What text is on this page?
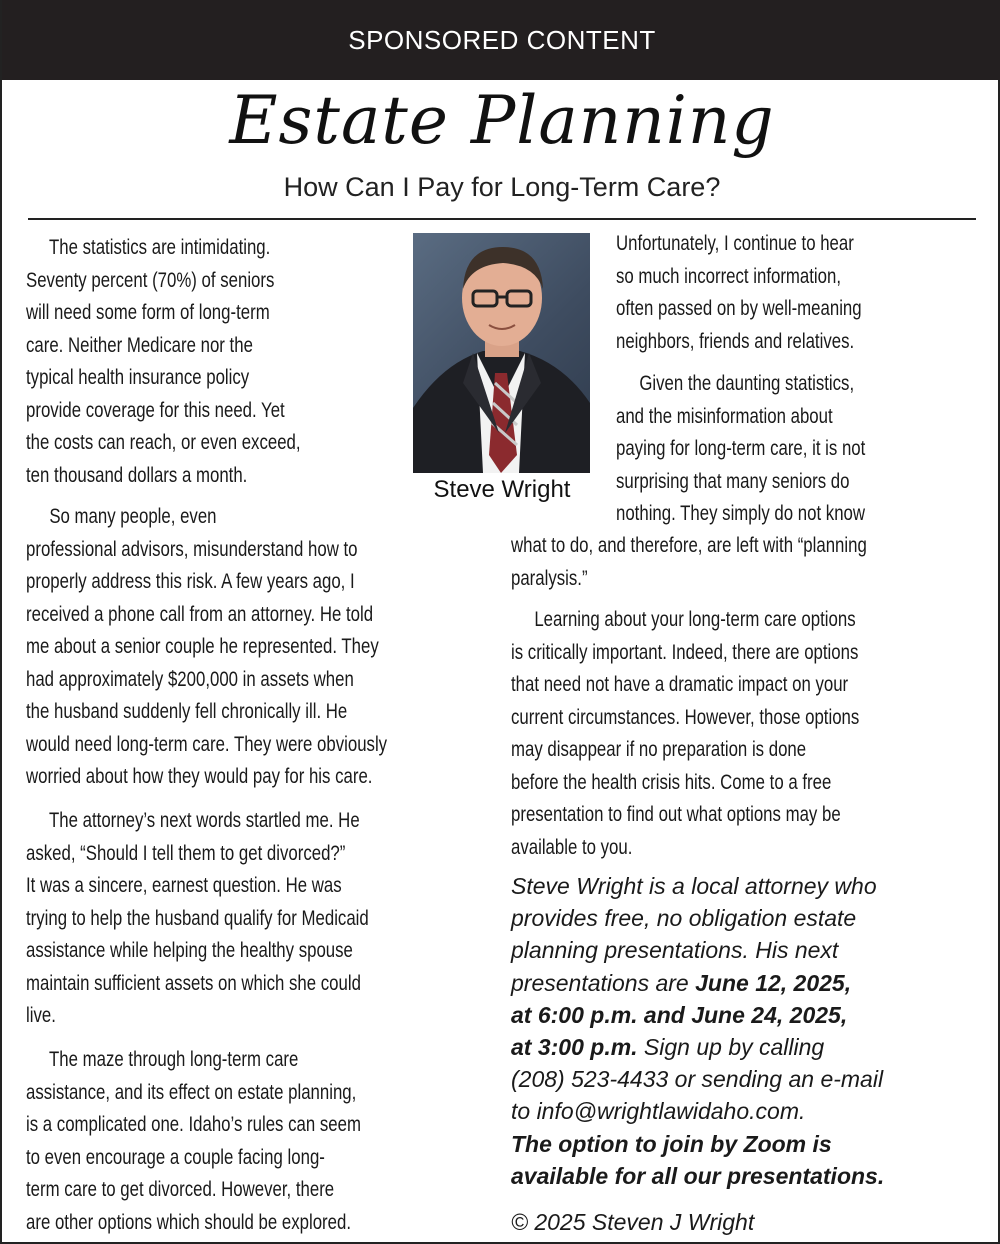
SPONSORED CONTENT
Estate Planning
How Can I Pay for Long-Term Care?
The statistics are intimidating.
Seventy percent (70%) of seniors
will need some form of long-term
care. Neither Medicare nor the
typical health insurance policy
provide coverage for this need. Yet
the costs can reach, or even exceed,
ten thousand dollars a month.
So many people, even
professional advisors, misunderstand how to
properly address this risk. A few years ago, I
received a phone call from an attorney. He told
me about a senior couple he represented. They
had approximately $200,000 in assets when
the husband suddenly fell chronically ill. He
would need long-term care. They were obviously
worried about how they would pay for his care.
The attorney’s next words startled me. He
asked, “Should I tell them to get divorced?”
It was a sincere, earnest question. He was
trying to help the husband qualify for Medicaid
assistance while helping the healthy spouse
maintain sufficient assets on which she could
live.
The maze through long-term care
assistance, and its effect on estate planning,
is a complicated one. Idaho’s rules can seem
to even encourage a couple facing long-
term care to get divorced. However, there
are other options which should be explored.
Steve Wright
Unfortunately, I continue to hear
so much incorrect information,
often passed on by well-meaning
neighbors, friends and relatives.
Given the daunting statistics,
and the misinformation about
paying for long-term care, it is not
surprising that many seniors do
nothing. They simply do not know
what to do, and therefore, are left with “planning
paralysis.”
Learning about your long-term care options
is critically important. Indeed, there are options
that need not have a dramatic impact on your
current circumstances. However, those options
may disappear if no preparation is done
before the health crisis hits. Come to a free
presentation to find out what options may be
available to you.
Steve Wright is a local attorney who
provides free, no obligation estate
planning presentations. His next
presentations are June 12, 2025,
at 6:00 p.m. and June 24, 2025,
at 3:00 p.m. Sign up by calling
(208) 523-4433 or sending an e-mail
to info@wrightlawidaho.com.
The option to join by Zoom is
available for all our presentations.
© 2025 Steven J Wright
